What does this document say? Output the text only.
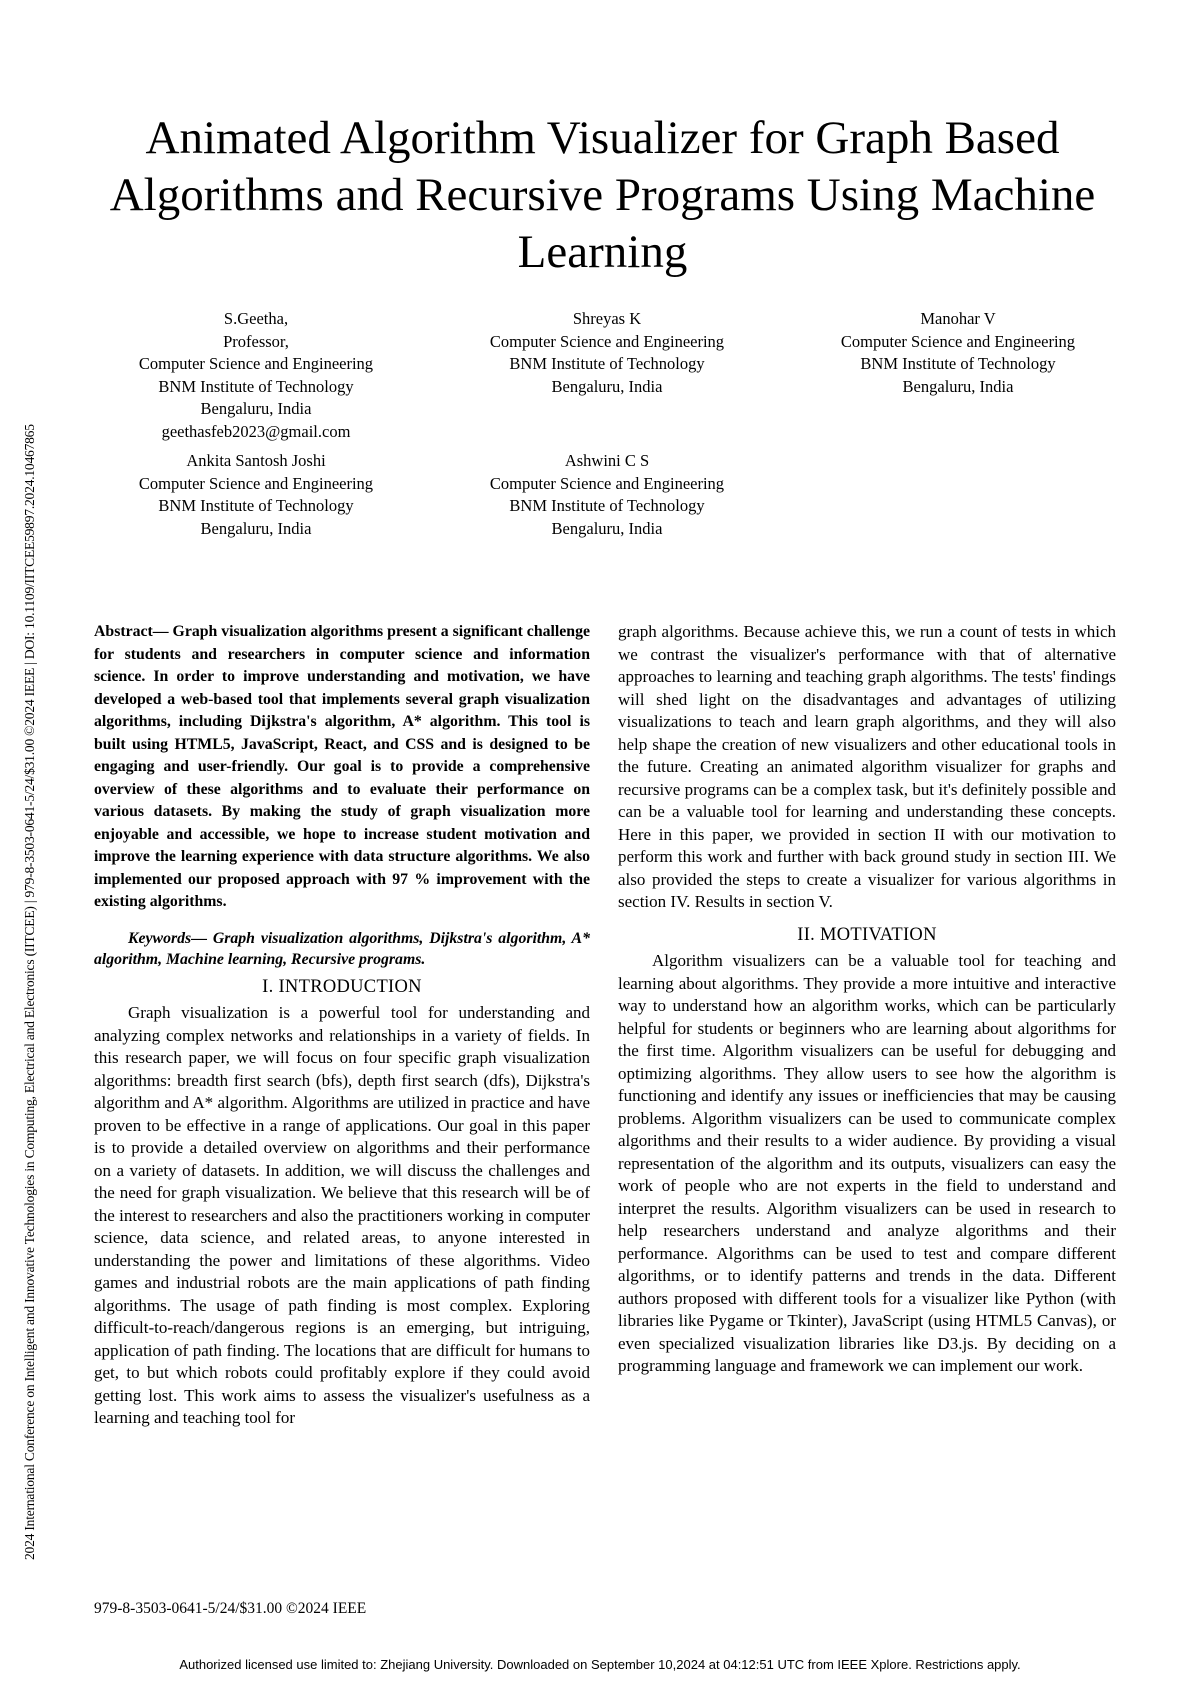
2024 International Conference on Intelligent and Innovative Technologies in Computing, Electrical and Electronics (IITCEE) | 979-8-3503-0641-5/24/$31.00 ©2024 IEEE | DOI: 10.1109/IITCEE59897.2024.10467865
Animated Algorithm Visualizer for Graph Based Algorithms and Recursive Programs Using Machine Learning
S.Geetha,
Professor,
Computer Science and Engineering
BNM Institute of Technology
Bengaluru, India
geethasfeb2023@gmail.com
Shreyas K
Computer Science and Engineering
BNM Institute of Technology
Bengaluru, India
Manohar V
Computer Science and Engineering
BNM Institute of Technology
Bengaluru, India
Ankita Santosh Joshi
Computer Science and Engineering
BNM Institute of Technology
Bengaluru, India
Ashwini C S
Computer Science and Engineering
BNM Institute of Technology
Bengaluru, India

Abstract— Graph visualization algorithms present a significant challenge for students and researchers in computer science and information science. In order to improve understanding and motivation, we have developed a web-based tool that implements several graph visualization algorithms, including Dijkstra's algorithm, A* algorithm. This tool is built using HTML5, JavaScript, React, and CSS and is designed to be engaging and user-friendly. Our goal is to provide a comprehensive overview of these algorithms and to evaluate their performance on various datasets. By making the study of graph visualization more enjoyable and accessible, we hope to increase student motivation and improve the learning experience with data structure algorithms. We also implemented our proposed approach with 97 % improvement with the existing algorithms.

Keywords— Graph visualization algorithms, Dijkstra's algorithm, A* algorithm, Machine learning, Recursive programs.

I. INTRODUCTION

Graph visualization is a powerful tool for understanding and analyzing complex networks and relationships in a variety of fields. In this research paper, we will focus on four specific graph visualization algorithms: breadth first search (bfs), depth first search (dfs), Dijkstra's algorithm and A* algorithm. Algorithms are utilized in practice and have proven to be effective in a range of applications. Our goal in this paper is to provide a detailed overview on algorithms and their performance on a variety of datasets. In addition, we will discuss the challenges and the need for graph visualization. We believe that this research will be of the interest to researchers and also the practitioners working in computer science, data science, and related areas, to anyone interested in understanding the power and limitations of these algorithms. Video games and industrial robots are the main applications of path finding algorithms. The usage of path finding is most complex. Exploring difficult-to-reach/dangerous regions is an emerging, but intriguing, application of path finding. The locations that are difficult for humans to get, to but which robots could profitably explore if they could avoid getting lost. This work aims to assess the visualizer's usefulness as a learning and teaching tool for

graph algorithms. Because achieve this, we run a count of tests in which we contrast the visualizer's performance with that of alternative approaches to learning and teaching graph algorithms. The tests' findings will shed light on the disadvantages and advantages of utilizing visualizations to teach and learn graph algorithms, and they will also help shape the creation of new visualizers and other educational tools in the future. Creating an animated algorithm visualizer for graphs and recursive programs can be a complex task, but it's definitely possible and can be a valuable tool for learning and understanding these concepts. Here in this paper, we provided in section II with our motivation to perform this work and further with back ground study in section III. We also provided the steps to create a visualizer for various algorithms in section IV. Results in section V.

II. MOTIVATION

Algorithm visualizers can be a valuable tool for teaching and learning about algorithms. They provide a more intuitive and interactive way to understand how an algorithm works, which can be particularly helpful for students or beginners who are learning about algorithms for the first time. Algorithm visualizers can be useful for debugging and optimizing algorithms. They allow users to see how the algorithm is functioning and identify any issues or inefficiencies that may be causing problems. Algorithm visualizers can be used to communicate complex algorithms and their results to a wider audience. By providing a visual representation of the algorithm and its outputs, visualizers can easy the work of people who are not experts in the field to understand and interpret the results. Algorithm visualizers can be used in research to help researchers understand and analyze algorithms and their performance. Algorithms can be used to test and compare different algorithms, or to identify patterns and trends in the data. Different authors proposed with different tools for a visualizer like Python (with libraries like Pygame or Tkinter), JavaScript (using HTML5 Canvas), or even specialized visualization libraries like D3.js. By deciding on a programming language and framework we can implement our work.

979-8-3503-0641-5/24/$31.00 ©2024 IEEE
Authorized licensed use limited to: Zhejiang University. Downloaded on September 10,2024 at 04:12:51 UTC from IEEE Xplore. Restrictions apply.
